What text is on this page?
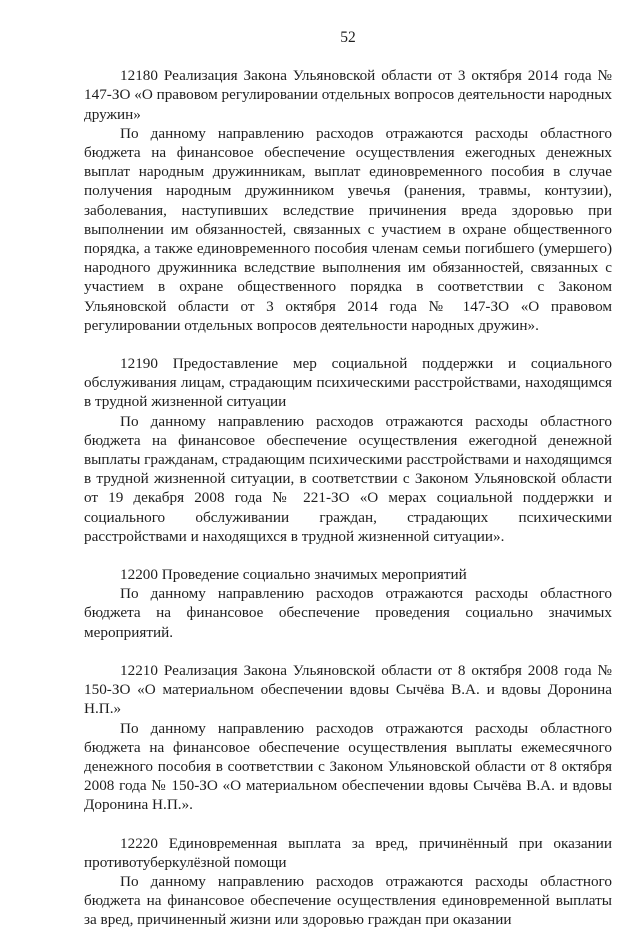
52

12180 Реализация Закона Ульяновской области от 3 октября 2014 года № 147-ЗО «О правовом регулировании отдельных вопросов деятельности народных дружин»

По данному направлению расходов отражаются расходы областного бюджета на финансовое обеспечение осуществления ежегодных денежных выплат народным дружинникам, выплат единовременного пособия в случае получения народным дружинником увечья (ранения, травмы, контузии), заболевания, наступивших вследствие причинения вреда здоровью при выполнении им обязанностей, связанных с участием в охране общественного порядка, а также единовременного пособия членам семьи погибшего (умершего) народного дружинника вследствие выполнения им обязанностей, связанных с участием в охране общественного порядка в соответствии с Законом Ульяновской области от 3 октября 2014 года № 147-ЗО «О правовом регулировании отдельных вопросов деятельности народных дружин».

12190 Предоставление мер социальной поддержки и социального обслуживания лицам, страдающим психическими расстройствами, находящимся в трудной жизненной ситуации

По данному направлению расходов отражаются расходы областного бюджета на финансовое обеспечение осуществления ежегодной денежной выплаты гражданам, страдающим психическими расстройствами и находящимся в трудной жизненной ситуации, в соответствии с Законом Ульяновской области от 19 декабря 2008 года № 221-ЗО «О мерах социальной поддержки и социального обслуживании граждан, страдающих психическими расстройствами и находящихся в трудной жизненной ситуации».

12200 Проведение социально значимых мероприятий

По данному направлению расходов отражаются расходы областного бюджета на финансовое обеспечение проведения социально значимых мероприятий.

12210 Реализация Закона Ульяновской области от 8 октября 2008 года № 150-ЗО «О материальном обеспечении вдовы Сычёва В.А. и вдовы Доронина Н.П.»

По данному направлению расходов отражаются расходы областного бюджета на финансовое обеспечение осуществления выплаты ежемесячного денежного пособия в соответствии с Законом Ульяновской области от 8 октября 2008 года № 150-ЗО «О материальном обеспечении вдовы Сычёва В.А. и вдовы Доронина Н.П.».

12220 Единовременная выплата за вред, причинённый при оказании противотуберкулёзной помощи

По данному направлению расходов отражаются расходы областного бюджета на финансовое обеспечение осуществления единовременной выплаты за вред, причиненный жизни или здоровью граждан при оказании
